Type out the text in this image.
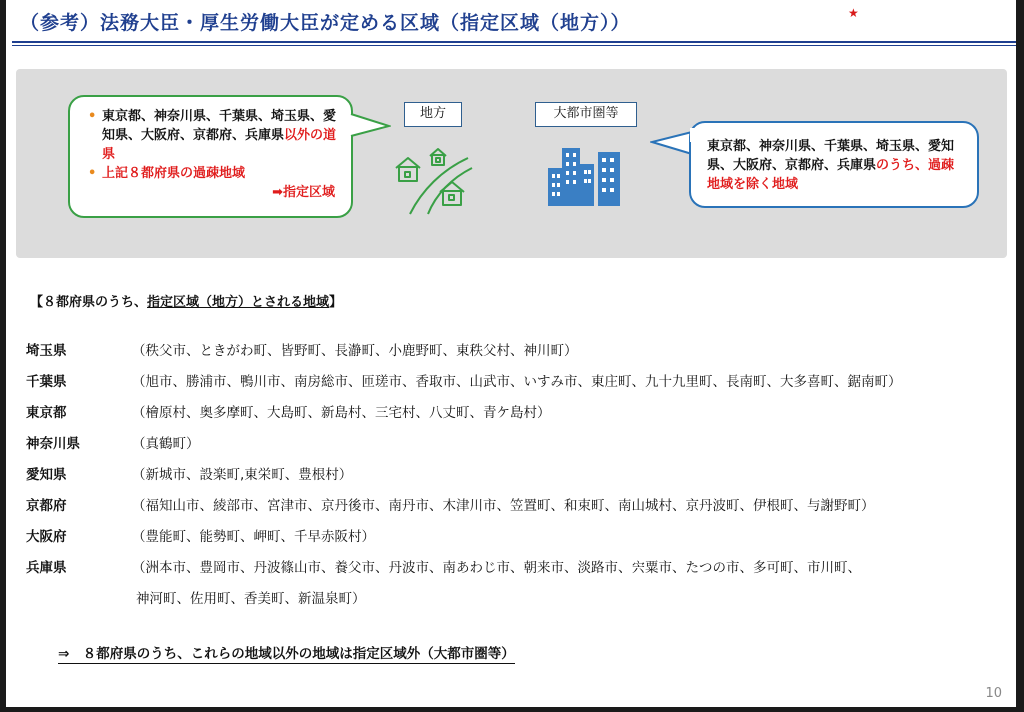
（参考）法務大臣・厚生労働大臣が定める区域（指定区域（地方））	★
• 東京都、神奈川県、千葉県、埼玉県、愛知県、大阪府、京都府、兵庫県以外の道県
• 上記８都府県の過疎地域
➡指定区域
地方	大都市圏等
東京都、神奈川県、千葉県、埼玉県、愛知県、大阪府、京都府、兵庫県のうち、過疎地域を除く地域
【８都府県のうち、指定区域（地方）とされる地域】
埼玉県	（秩父市、ときがわ町、皆野町、長瀞町、小鹿野町、東秩父村、神川町）
千葉県	（旭市、勝浦市、鴨川市、南房総市、匝瑳市、香取市、山武市、いすみ市、東庄町、九十九里町、長南町、大多喜町、鋸南町）
東京都	（檜原村、奥多摩町、大島町、新島村、三宅村、八丈町、青ケ島村）
神奈川県	（真鶴町）
愛知県	（新城市、設楽町,東栄町、豊根村）
京都府	（福知山市、綾部市、宮津市、京丹後市、南丹市、木津川市、笠置町、和束町、南山城村、京丹波町、伊根町、与謝野町）
大阪府	（豊能町、能勢町、岬町、千早赤阪村）
兵庫県	（洲本市、豊岡市、丹波篠山市、養父市、丹波市、南あわじ市、朝来市、淡路市、宍粟市、たつの市、多可町、市川町、
神河町、佐用町、香美町、新温泉町）
⇒　８都府県のうち、これらの地域以外の地域は指定区域外（大都市圏等）
10
